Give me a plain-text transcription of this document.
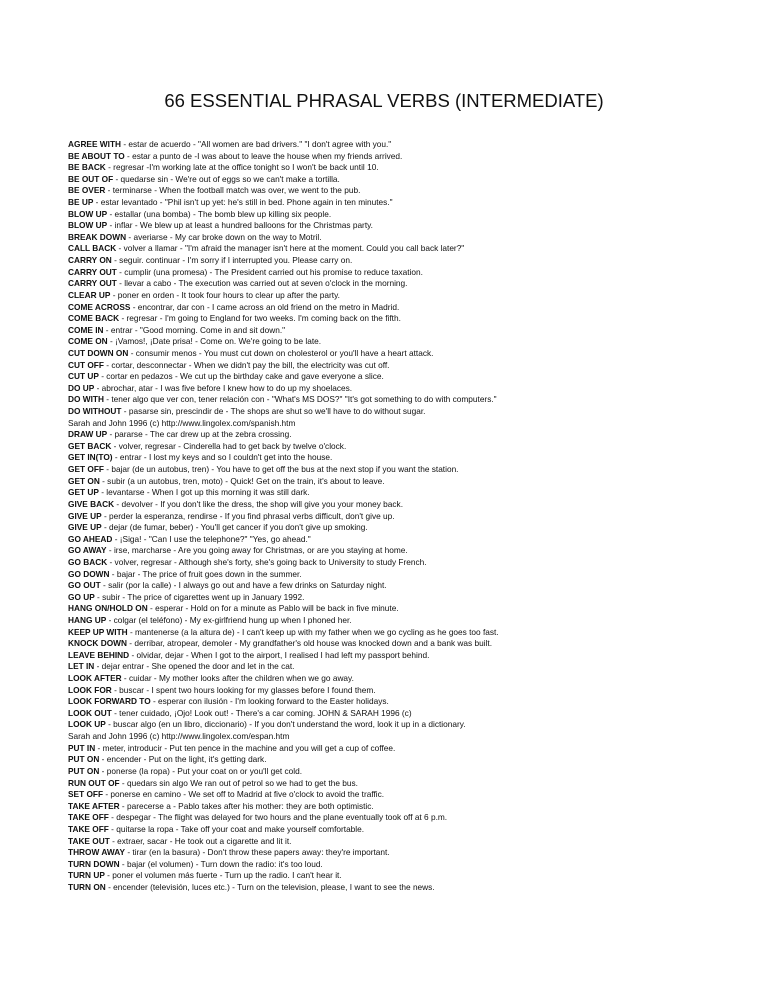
66 ESSENTIAL PHRASAL VERBS (INTERMEDIATE)
AGREE WITH - estar de acuerdo - "All women are bad drivers." "I don't agree with you."
BE ABOUT TO - estar a punto de -I was about to leave the house when my friends arrived.
BE BACK - regresar -I'm working late at the office tonight so I won't be back until 10.
BE OUT OF - quedarse sin - We're out of eggs so we can't make a tortilla.
BE OVER - terminarse - When the football match was over, we went to the pub.
BE UP - estar levantado - "Phil isn't up yet: he's still in bed. Phone again in ten minutes."
BLOW UP - estallar (una bomba) - The bomb blew up killing six people.
BLOW UP - inflar - We blew up at least a hundred balloons for the Christmas party.
BREAK DOWN - averiarse - My car broke down on the way to Motril.
CALL BACK - volver a llamar - "I'm afraid the manager isn't here at the moment. Could you call back later?"
CARRY ON - seguir. continuar - I'm sorry if I interrupted you. Please carry on.
CARRY OUT - cumplir (una promesa) - The President carried out his promise to reduce taxation.
CARRY OUT - llevar a cabo - The execution was carried out at seven o'clock in the morning.
CLEAR UP - poner en orden - It took four hours to clear up after the party.
COME ACROSS - encontrar, dar con - I came across an old friend on the metro in Madrid.
COME BACK - regresar - I'm going to England for two weeks. I'm coming back on the fifth.
COME IN - entrar - "Good morning. Come in and sit down."
COME ON - ¡Vamos!, ¡Date prisa! - Come on. We're going to be late.
CUT DOWN ON - consumir menos - You must cut down on cholesterol or you'll have a heart attack.
CUT OFF - cortar, desconnectar - When we didn't pay the bill, the electricity was cut off.
CUT UP - cortar en pedazos - We cut up the birthday cake and gave everyone a slice.
DO UP - abrochar, atar - I was five before I knew how to do up my shoelaces.
DO WITH - tener algo que ver con, tener relación con - "What's MS DOS?" "It's got something to do with computers."
DO WITHOUT - pasarse sin, prescindir de - The shops are shut so we'll have to do without sugar.
Sarah and John 1996 (c) http://www.lingolex.com/spanish.htm
DRAW UP - pararse - The car drew up at the zebra crossing.
GET BACK - volver, regresar - Cinderella had to get back by twelve o'clock.
GET IN(TO) - entrar - I lost my keys and so I couldn't get into the house.
GET OFF - bajar (de un autobus, tren) - You have to get off the bus at the next stop if you want the station.
GET ON - subir (a un autobus, tren, moto) - Quick! Get on the train, it's about to leave.
GET UP - levantarse - When I got up this morning it was still dark.
GIVE BACK - devolver - If you don't like the dress, the shop will give you your money back.
GIVE UP - perder la esperanza, rendirse - If you find phrasal verbs difficult, don't give up.
GIVE UP - dejar (de fumar, beber) - You'll get cancer if you don't give up smoking.
GO AHEAD - ¡Siga! - "Can I use the telephone?" "Yes, go ahead."
GO AWAY - irse, marcharse - Are you going away for Christmas, or are you staying at home.
GO BACK - volver, regresar - Although she's forty, she's going back to University to study French.
GO DOWN - bajar - The price of fruit goes down in the summer.
GO OUT - salir (por la calle) - I always go out and have a few drinks on Saturday night.
GO UP - subir - The price of cigarettes went up in January 1992.
HANG ON/HOLD ON - esperar - Hold on for a minute as Pablo will be back in five minute.
HANG UP - colgar (el teléfono) - My ex-girlfriend hung up when I phoned her.
KEEP UP WITH - mantenerse (a la altura de) - I can't keep up with my father when we go cycling as he goes too fast.
KNOCK DOWN - derribar, atropear, demoler - My grandfather's old house was knocked down and a bank was built.
LEAVE BEHIND - olvidar, dejar - When I got to the airport, I realised I had left my passport behind.
LET IN - dejar entrar - She opened the door and let in the cat.
LOOK AFTER - cuidar - My mother looks after the children when we go away.
LOOK FOR - buscar - I spent two hours looking for my glasses before I found them.
LOOK FORWARD TO - esperar con ilusión - I'm looking forward to the Easter holidays.
LOOK OUT - tener cuidado, ¡Ojo! Look out! - There's a car coming. JOHN & SARAH 1996 (c)
LOOK UP - buscar algo (en un libro, diccionario) - If you don't understand the word, look it up in a dictionary.
Sarah and John 1996 (c) http://www.lingolex.com/espan.htm
PUT IN - meter, introducir - Put ten pence in the machine and you will get a cup of coffee.
PUT ON - encender - Put on the light, it's getting dark.
PUT ON - ponerse (la ropa) - Put your coat on or you'll get cold.
RUN OUT OF - quedars sin algo We ran out of petrol so we had to get the bus.
SET OFF - ponerse en camino - We set off to Madrid at five o'clock to avoid the traffic.
TAKE AFTER - parecerse a - Pablo takes after his mother: they are both optimistic.
TAKE OFF - despegar - The flight was delayed for two hours and the plane eventually took off at 6 p.m.
TAKE OFF - quitarse la ropa - Take off your coat and make yourself comfortable.
TAKE OUT - extraer, sacar - He took out a cigarette and lit it.
THROW AWAY - tirar (en la basura) - Don't throw these papers away: they're important.
TURN DOWN - bajar (el volumen) - Turn down the radio: it's too loud.
TURN UP - poner el volumen más fuerte - Turn up the radio. I can't hear it.
TURN ON - encender (televisión, luces etc.) - Turn on the television, please, I want to see the news.
